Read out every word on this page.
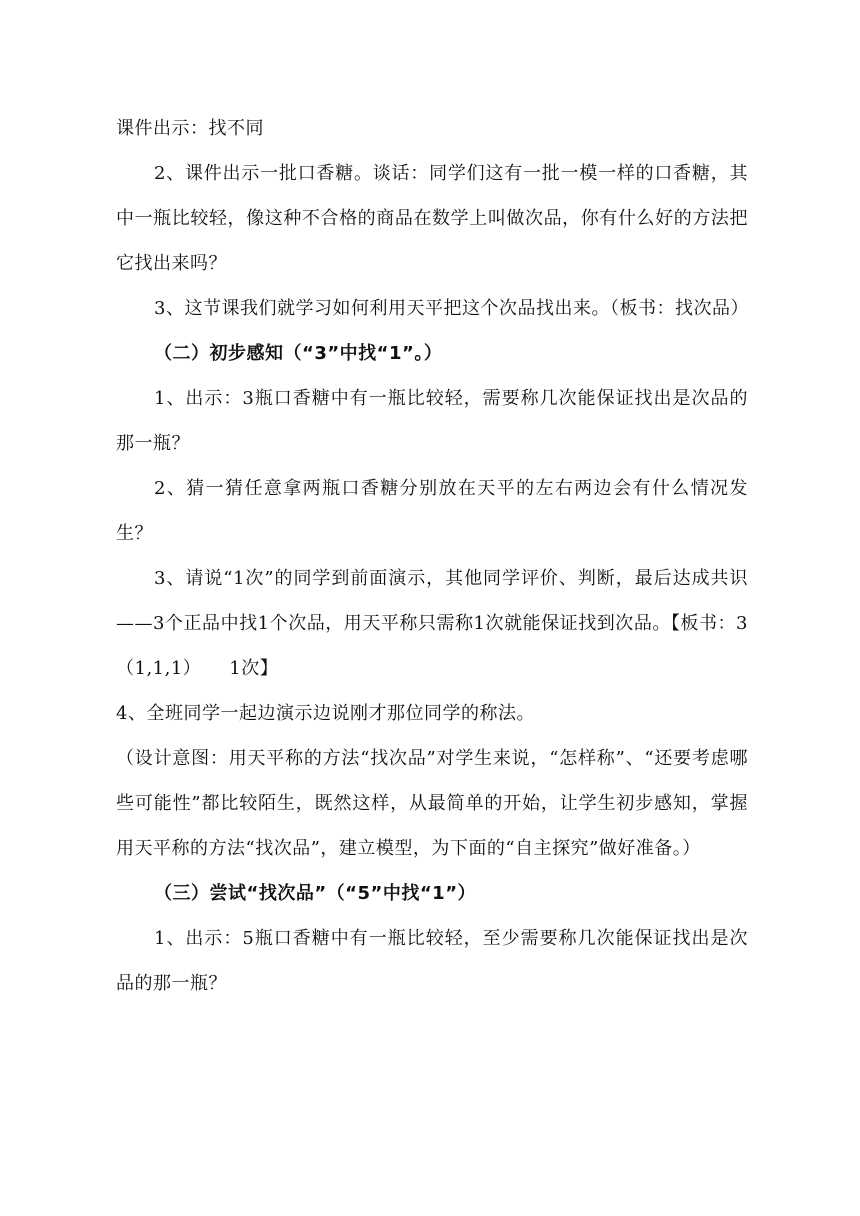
课件出示：找不同

2、课件出示一批口香糖。谈话：同学们这有一批一模一样的口香糖，其中一瓶比较轻，像这种不合格的商品在数学上叫做次品，你有什么好的方法把它找出来吗？

3、这节课我们就学习如何利用天平把这个次品找出来。（板书：找次品）

（二）初步感知（“3”中找“1”。）

1、出示：3瓶口香糖中有一瓶比较轻，需要称几次能保证找出是次品的那一瓶？

2、猜一猜任意拿两瓶口香糖分别放在天平的左右两边会有什么情况发生？

3、请说“1次”的同学到前面演示，其他同学评价、判断，最后达成共识——3个正品中找1个次品，用天平称只需称1次就能保证找到次品。【板书：3（1,1,1）　　1次】

4、全班同学一起边演示边说刚才那位同学的称法。

（设计意图：用天平称的方法“找次品”对学生来说，“怎样称”、“还要考虑哪些可能性”都比较陌生，既然这样，从最简单的开始，让学生初步感知，掌握用天平称的方法“找次品”，建立模型，为下面的“自主探究”做好准备。）

（三）尝试“找次品”（“5”中找“1”）

1、出示：5瓶口香糖中有一瓶比较轻，至少需要称几次能保证找出是次品的那一瓶？
